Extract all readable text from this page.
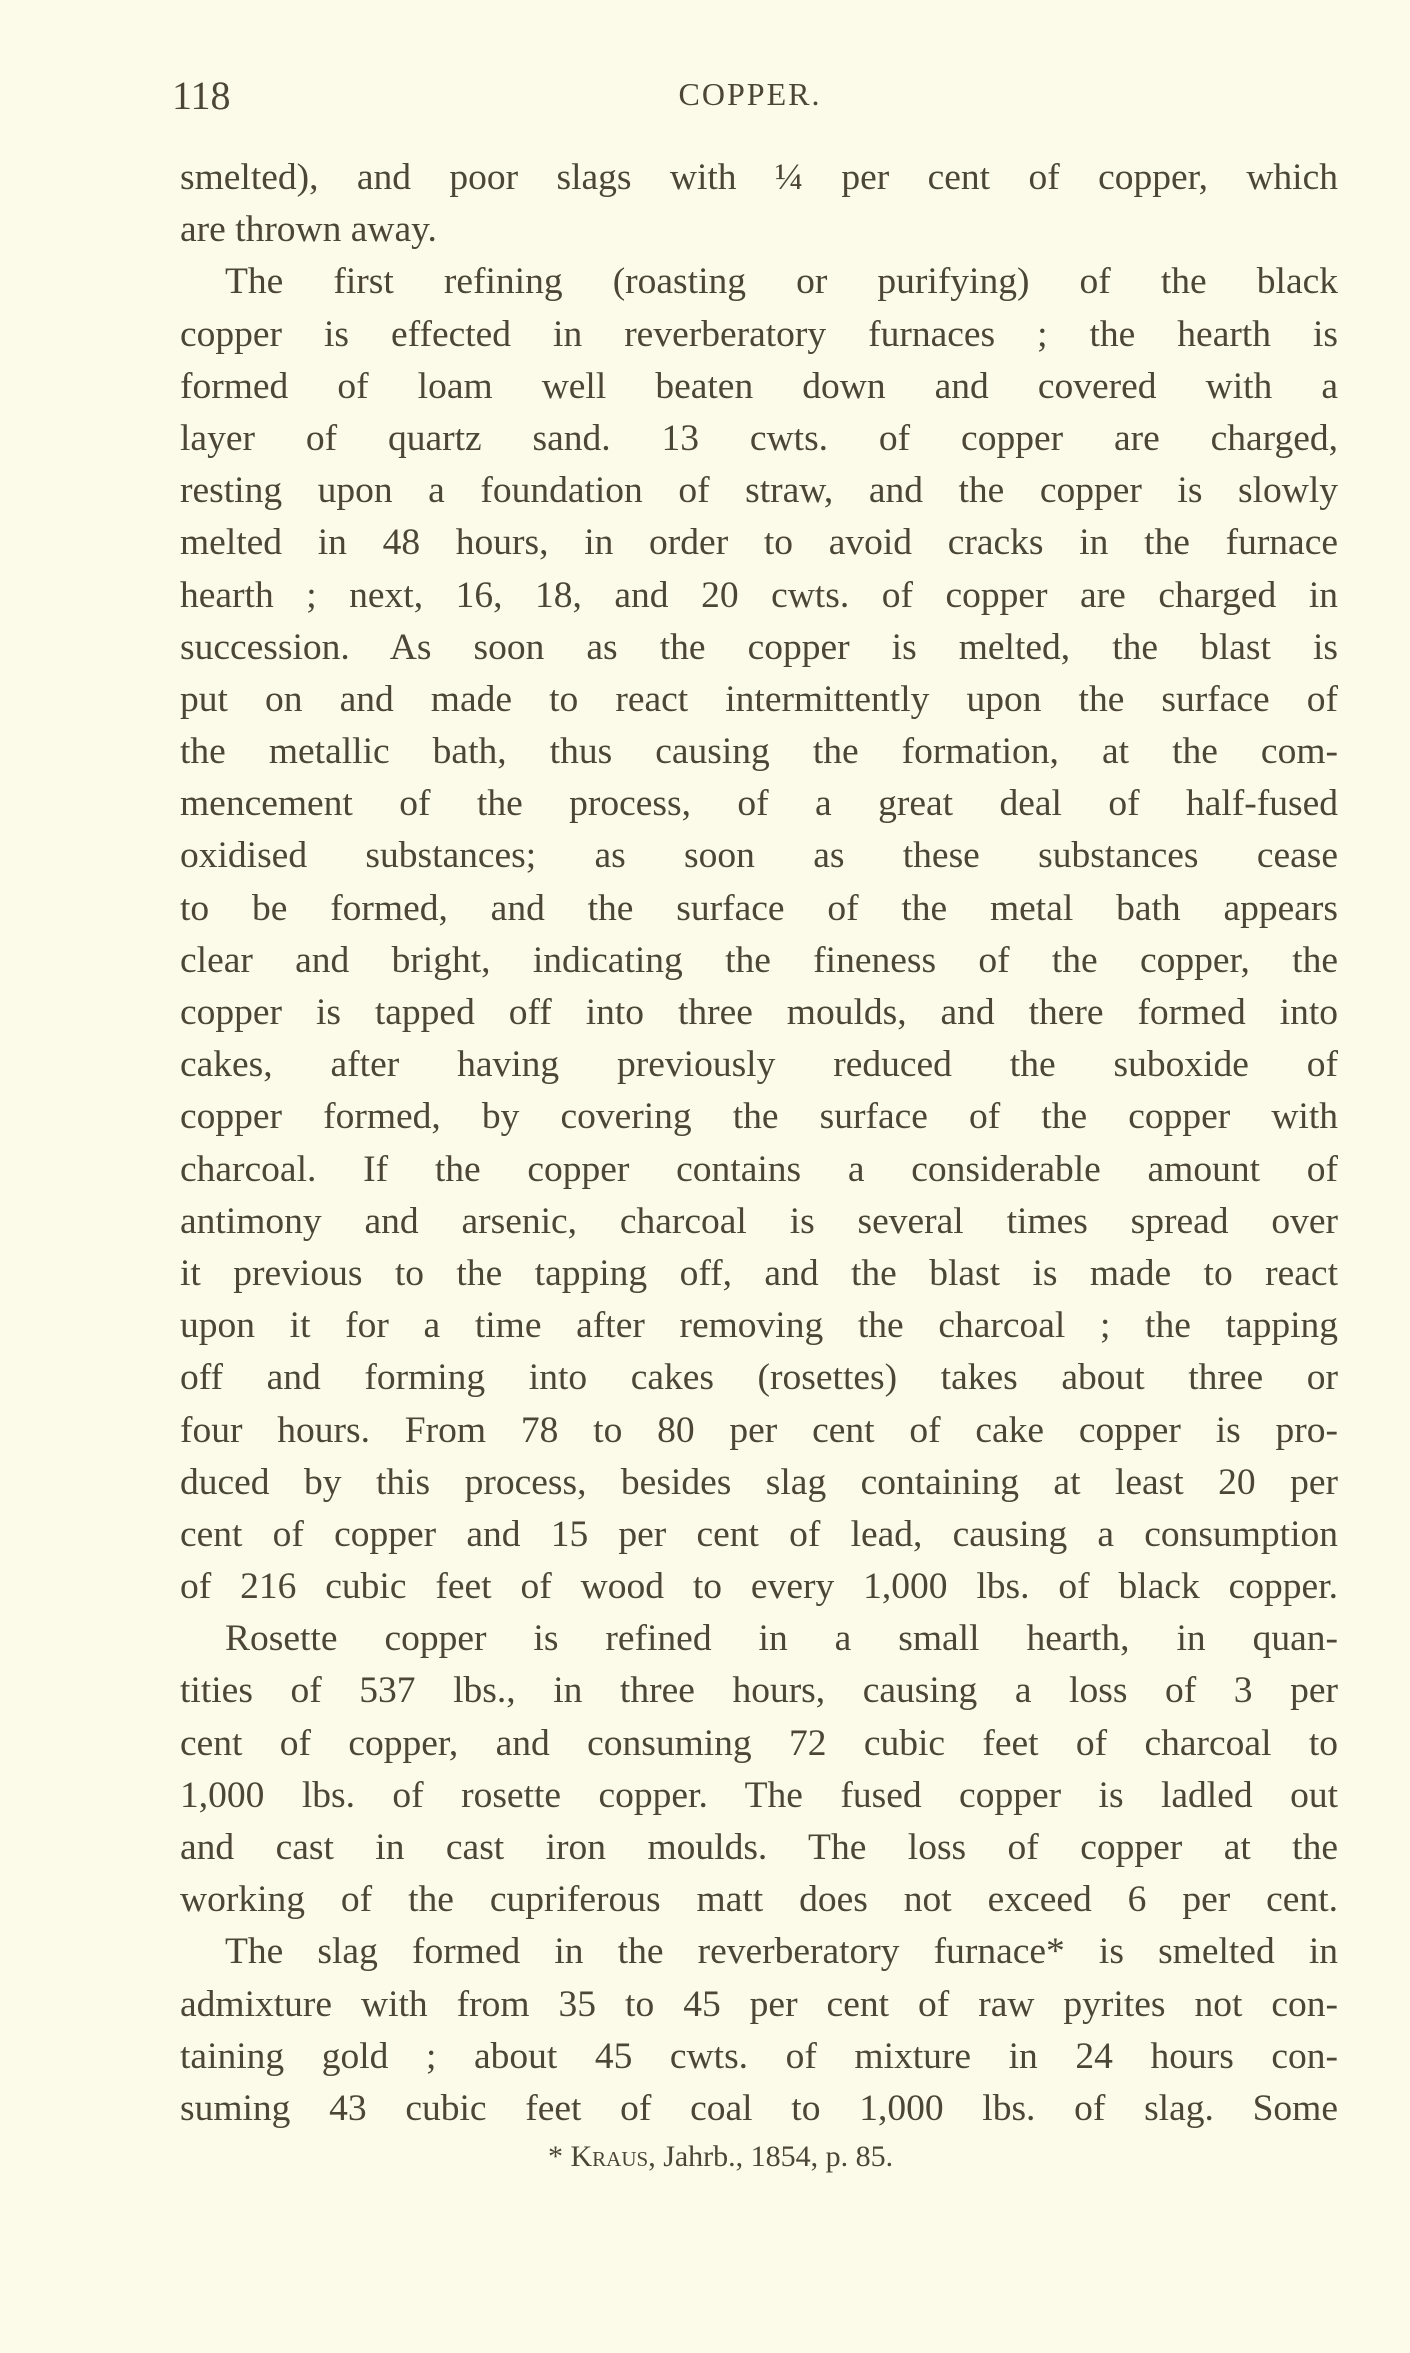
118	COPPER.
smelted), and poor slags with ¼ per cent of copper, which
are thrown away.
The first refining (roasting or purifying) of the black
copper is effected in reverberatory furnaces ; the hearth is
formed of loam well beaten down and covered with a
layer of quartz sand. 13 cwts. of copper are charged,
resting upon a foundation of straw, and the copper is slowly
melted in 48 hours, in order to avoid cracks in the furnace
hearth ; next, 16, 18, and 20 cwts. of copper are charged in
succession. As soon as the copper is melted, the blast is
put on and made to react intermittently upon the surface of
the metallic bath, thus causing the formation, at the com-
mencement of the process, of a great deal of half-fused
oxidised substances; as soon as these substances cease
to be formed, and the surface of the metal bath appears
clear and bright, indicating the fineness of the copper, the
copper is tapped off into three moulds, and there formed into
cakes, after having previously reduced the suboxide of
copper formed, by covering the surface of the copper with
charcoal. If the copper contains a considerable amount of
antimony and arsenic, charcoal is several times spread over
it previous to the tapping off, and the blast is made to react
upon it for a time after removing the charcoal ; the tapping
off and forming into cakes (rosettes) takes about three or
four hours. From 78 to 80 per cent of cake copper is pro-
duced by this process, besides slag containing at least 20 per
cent of copper and 15 per cent of lead, causing a consumption
of 216 cubic feet of wood to every 1,000 lbs. of black copper.
Rosette copper is refined in a small hearth, in quan-
tities of 537 lbs., in three hours, causing a loss of 3 per
cent of copper, and consuming 72 cubic feet of charcoal to
1,000 lbs. of rosette copper. The fused copper is ladled out
and cast in cast iron moulds. The loss of copper at the
working of the cupriferous matt does not exceed 6 per cent.
The slag formed in the reverberatory furnace* is smelted in
admixture with from 35 to 45 per cent of raw pyrites not con-
taining gold ; about 45 cwts. of mixture in 24 hours con-
suming 43 cubic feet of coal to 1,000 lbs. of slag. Some
* Kraus, Jahrb., 1854, p. 85.
